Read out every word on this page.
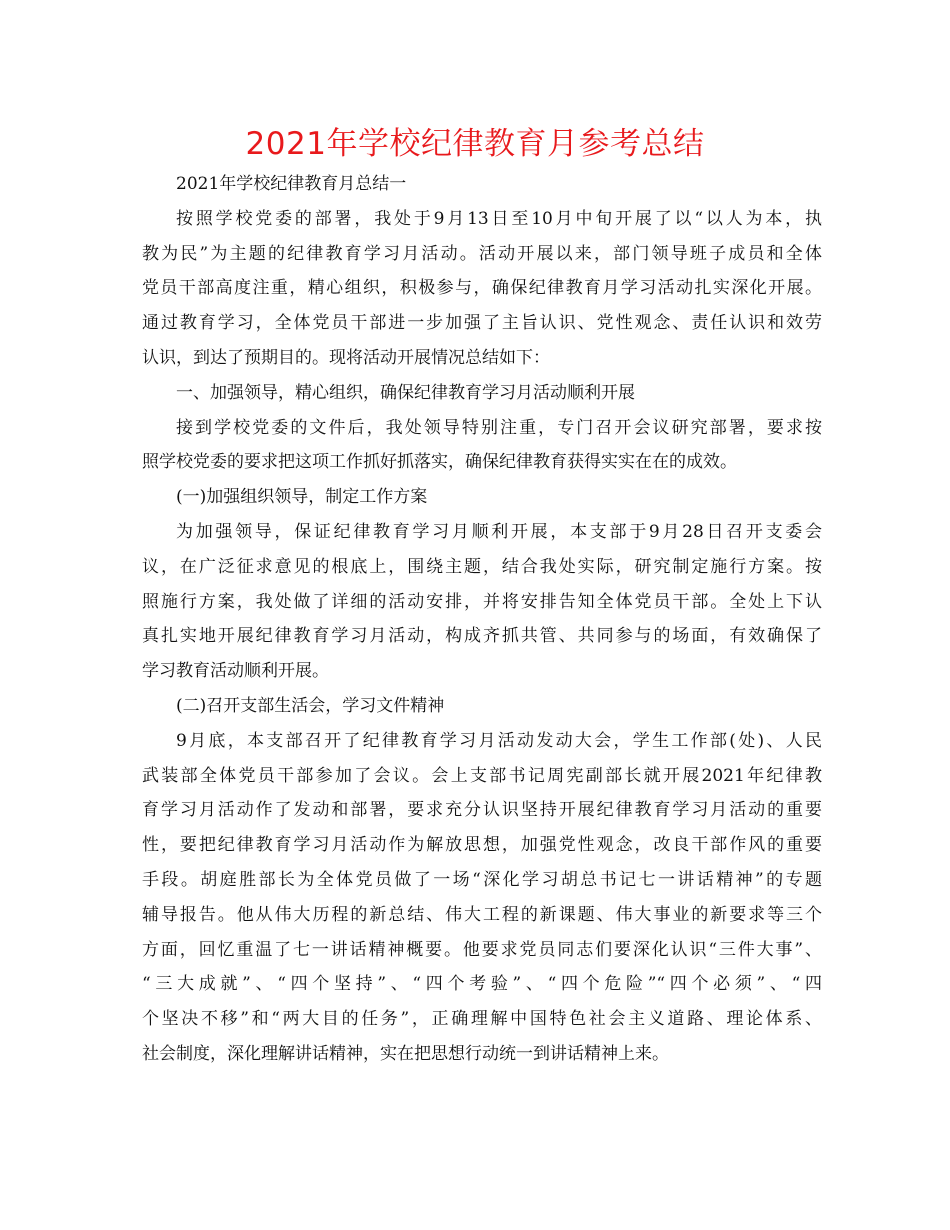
2021年学校纪律教育月参考总结
2021年学校纪律教育月总结一
按照学校党委的部署，我处于9月13日至10月中旬开展了以“以人为本，执
教为民”为主题的纪律教育学习月活动。活动开展以来，部门领导班子成员和全体
党员干部高度注重，精心组织，积极参与，确保纪律教育月学习活动扎实深化开展。
通过教育学习，全体党员干部进一步加强了主旨认识、党性观念、责任认识和效劳
认识，到达了预期目的。现将活动开展情况总结如下：
一、加强领导，精心组织，确保纪律教育学习月活动顺利开展
接到学校党委的文件后，我处领导特别注重，专门召开会议研究部署，要求按
照学校党委的要求把这项工作抓好抓落实，确保纪律教育获得实实在在的成效。
(一)加强组织领导，制定工作方案
为加强领导，保证纪律教育学习月顺利开展，本支部于9月28日召开支委会
议，在广泛征求意见的根底上，围绕主题，结合我处实际，研究制定施行方案。按
照施行方案，我处做了详细的活动安排，并将安排告知全体党员干部。全处上下认
真扎实地开展纪律教育学习月活动，构成齐抓共管、共同参与的场面，有效确保了
学习教育活动顺利开展。
(二)召开支部生活会，学习文件精神
9月底，本支部召开了纪律教育学习月活动发动大会，学生工作部(处)、人民
武装部全体党员干部参加了会议。会上支部书记周宪副部长就开展2021年纪律教
育学习月活动作了发动和部署，要求充分认识坚持开展纪律教育学习月活动的重要
性，要把纪律教育学习月活动作为解放思想，加强党性观念，改良干部作风的重要
手段。胡庭胜部长为全体党员做了一场“深化学习胡总书记七一讲话精神”的专题
辅导报告。他从伟大历程的新总结、伟大工程的新课题、伟大事业的新要求等三个
方面，回忆重温了七一讲话精神概要。他要求党员同志们要深化认识“三件大事”、
“三大成就”、“四个坚持”、“四个考验”、“四个危险”“四个必须”、“四
个坚决不移”和“两大目的任务”，正确理解中国特色社会主义道路、理论体系、
社会制度，深化理解讲话精神，实在把思想行动统一到讲话精神上来。
